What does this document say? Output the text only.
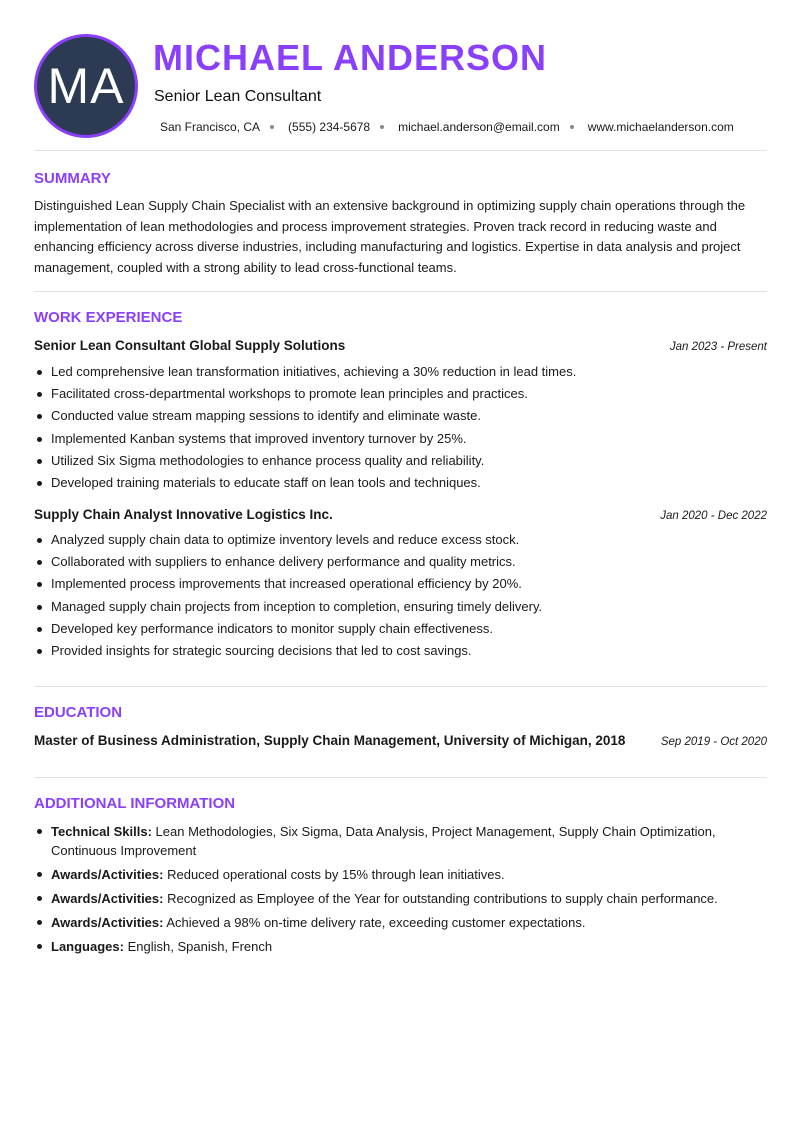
MA
MICHAEL ANDERSON
Senior Lean Consultant
San Francisco, CA (555) 234-5678 michael.anderson@email.com www.michaelanderson.com
SUMMARY

Distinguished Lean Supply Chain Specialist with an extensive background in optimizing supply chain operations through the implementation of lean methodologies and process improvement strategies. Proven track record in reducing waste and enhancing efficiency across diverse industries, including manufacturing and logistics. Expertise in data analysis and project management, coupled with a strong ability to lead cross-functional teams.

WORK EXPERIENCE
Senior Lean Consultant Global Supply Solutions	Jan 2023 - Present
Led comprehensive lean transformation initiatives, achieving a 30% reduction in lead times.
Facilitated cross-departmental workshops to promote lean principles and practices.
Conducted value stream mapping sessions to identify and eliminate waste.
Implemented Kanban systems that improved inventory turnover by 25%.
Utilized Six Sigma methodologies to enhance process quality and reliability.
Developed training materials to educate staff on lean tools and techniques.
Supply Chain Analyst Innovative Logistics Inc.	Jan 2020 - Dec 2022
Analyzed supply chain data to optimize inventory levels and reduce excess stock.
Collaborated with suppliers to enhance delivery performance and quality metrics.
Implemented process improvements that increased operational efficiency by 20%.
Managed supply chain projects from inception to completion, ensuring timely delivery.
Developed key performance indicators to monitor supply chain effectiveness.
Provided insights for strategic sourcing decisions that led to cost savings.
EDUCATION
Master of Business Administration, Supply Chain Management, University of Michigan, 2018	Sep 2019 - Oct 2020
ADDITIONAL INFORMATION
Technical Skills: Lean Methodologies, Six Sigma, Data Analysis, Project Management, Supply Chain Optimization, Continuous Improvement
Awards/Activities: Reduced operational costs by 15% through lean initiatives.
Awards/Activities: Recognized as Employee of the Year for outstanding contributions to supply chain performance.
Awards/Activities: Achieved a 98% on-time delivery rate, exceeding customer expectations.
Languages: English, Spanish, French
